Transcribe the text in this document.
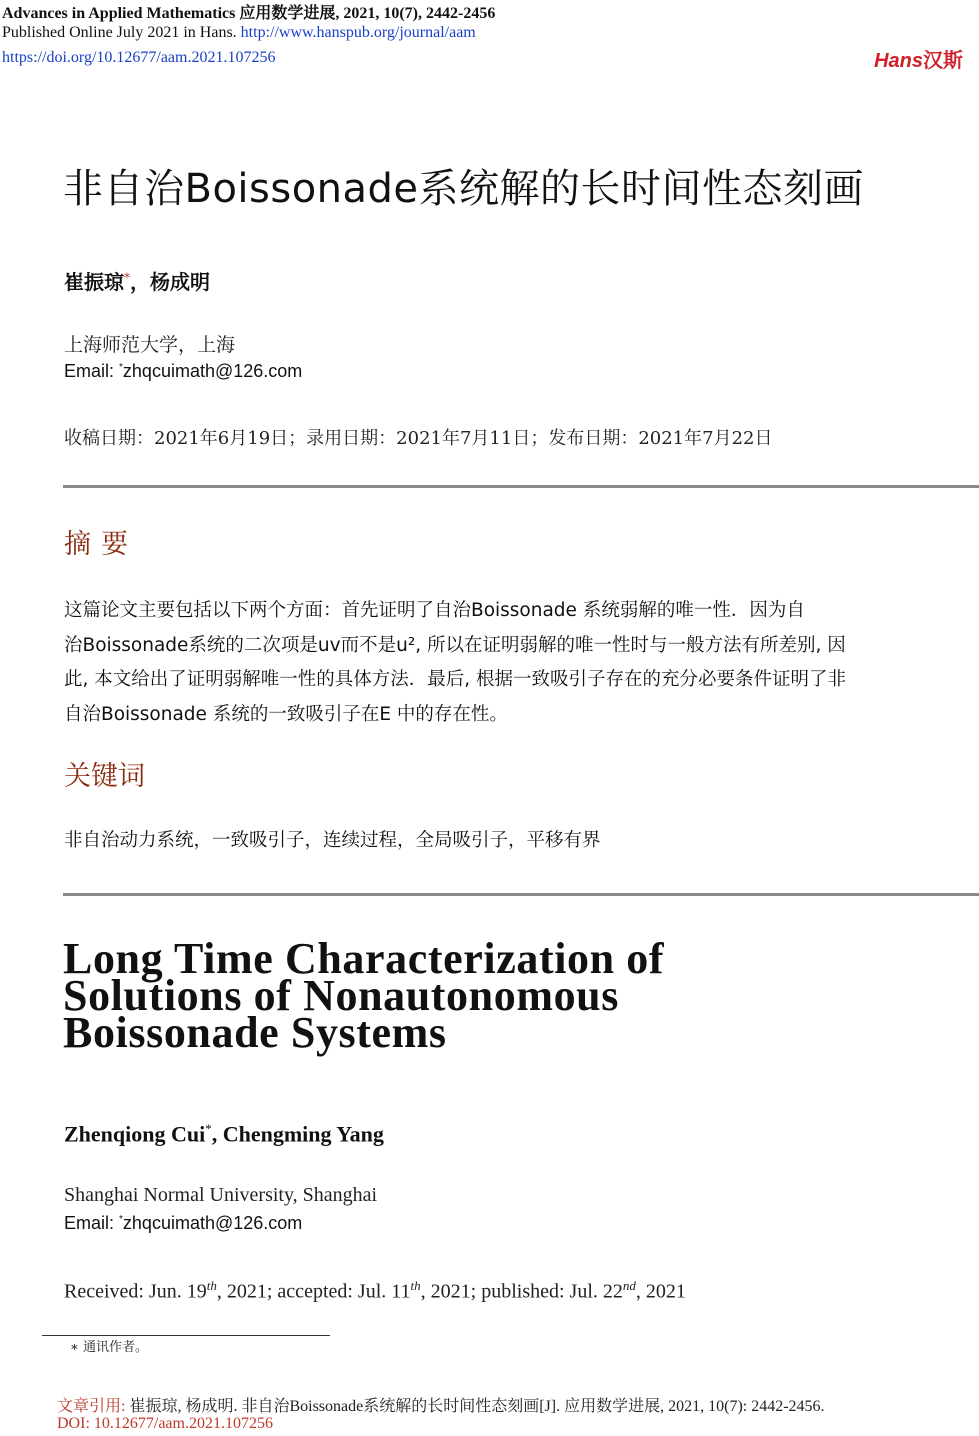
Advances in Applied Mathematics 应用数学进展, 2021, 10(7), 2442-2456
Published Online July 2021 in Hans. http://www.hanspub.org/journal/aam
https://doi.org/10.12677/aam.2021.107256	Hans汉斯
非自治Boissonade系统解的长时间性态刻画
崔振琼*，杨成明
上海师范大学，上海
Email: *zhqcuimath@126.com
收稿日期：2021年6月19日；录用日期：2021年7月11日；发布日期：2021年7月22日
摘要
这篇论文主要包括以下两个方面：首先证明了自治Boissonade 系统弱解的唯一性．因为自
治Boissonade系统的二次项是uv而不是u², 所以在证明弱解的唯一性时与一般方法有所差别, 因
此, 本文给出了证明弱解唯一性的具体方法．最后, 根据一致吸引子存在的充分必要条件证明了非
自治Boissonade 系统的一致吸引子在E 中的存在性。
关键词
非自治动力系统，一致吸引子，连续过程，全局吸引子，平移有界
Long Time Characterization of
Solutions of Nonautonomous
Boissonade Systems
Zhenqiong Cui*, Chengming Yang
Shanghai Normal University, Shanghai
Email: *zhqcuimath@126.com
Received: Jun. 19th, 2021; accepted: Jul. 11th, 2021; published: Jul. 22nd, 2021
∗ 通讯作者。
文章引用: 崔振琼, 杨成明. 非自治Boissonade系统解的长时间性态刻画[J]. 应用数学进展, 2021, 10(7): 2442-2456.
DOI: 10.12677/aam.2021.107256
